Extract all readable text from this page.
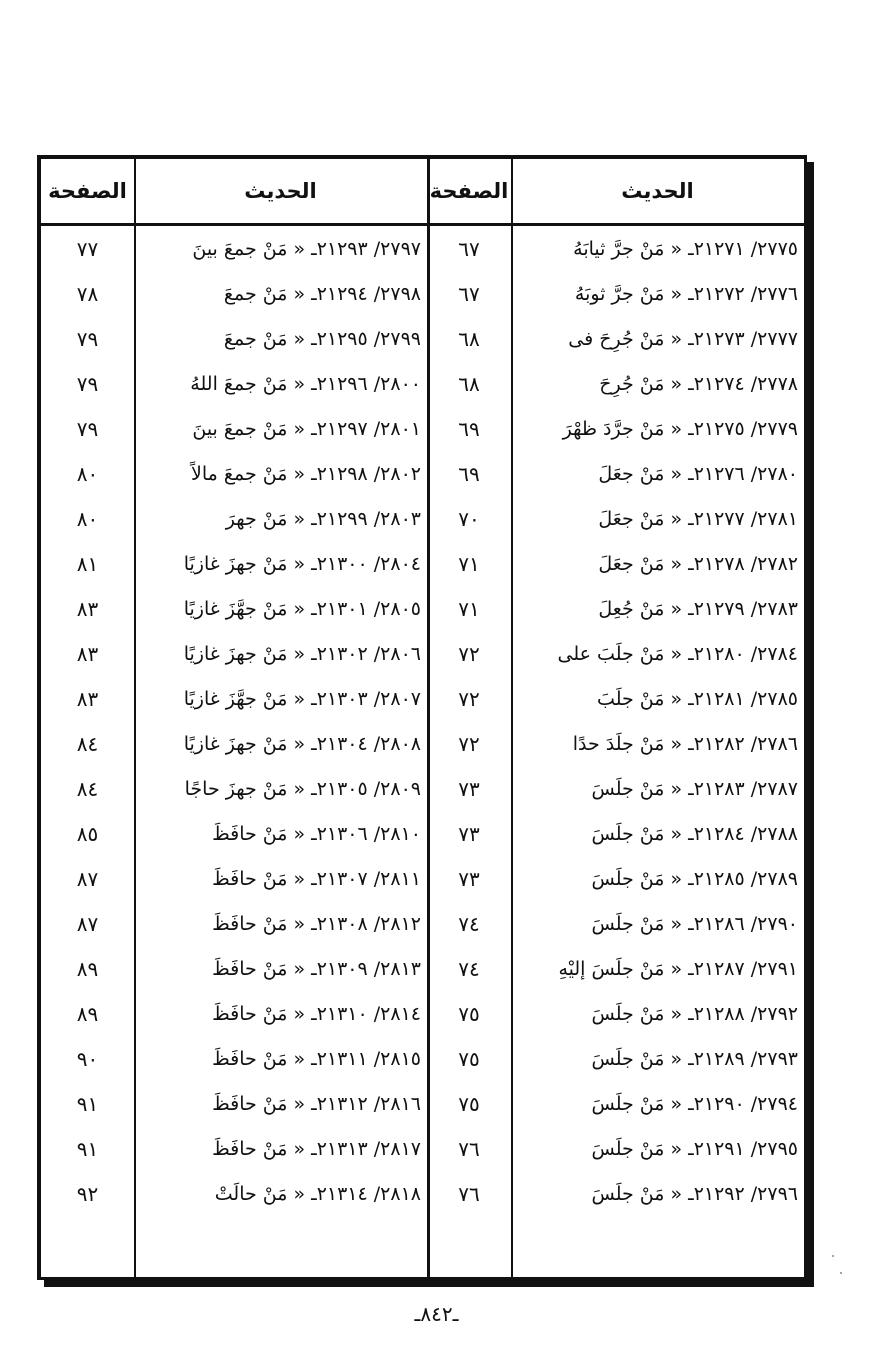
الحديث
الصفحة
الحديث
الصفحة
٢٧٧٥/ ٢١٢٧١ـ « مَنْ جرَّ ثيابَهُ
٦٧
٢٧٩٧/ ٢١٢٩٣ـ « مَنْ جمعَ بينَ
٧٧
٢٧٧٦/ ٢١٢٧٢ـ « مَنْ جرَّ ثوبَهُ
٦٧
٢٧٩٨/ ٢١٢٩٤ـ « مَنْ جمعَ
٧٨
٢٧٧٧/ ٢١٢٧٣ـ « مَنْ جُرِحَ فى
٦٨
٢٧٩٩/ ٢١٢٩٥ـ « مَنْ جمعَ
٧٩
٢٧٧٨/ ٢١٢٧٤ـ « مَنْ جُرِحَ
٦٨
٢٨٠٠/ ٢١٢٩٦ـ « مَنْ جمعَ اللهُ
٧٩
٢٧٧٩/ ٢١٢٧٥ـ « مَنْ جرَّدَ ظهْرَ
٦٩
٢٨٠١/ ٢١٢٩٧ـ « مَنْ جمعَ بينَ
٧٩
٢٧٨٠/ ٢١٢٧٦ـ « مَنْ جعَلَ
٦٩
٢٨٠٢/ ٢١٢٩٨ـ « مَنْ جمعَ مالاً
٨٠
٢٧٨١/ ٢١٢٧٧ـ « مَنْ جعَلَ
٧٠
٢٨٠٣/ ٢١٢٩٩ـ « مَنْ جهرَ
٨٠
٢٧٨٢/ ٢١٢٧٨ـ « مَنْ جعَلَ
٧١
٢٨٠٤/ ٢١٣٠٠ـ « مَنْ جهزَ غازيًا
٨١
٢٧٨٣/ ٢١٢٧٩ـ « مَنْ جُعِلَ
٧١
٢٨٠٥/ ٢١٣٠١ـ « مَنْ جهَّزَ غازيًا
٨٣
٢٧٨٤/ ٢١٢٨٠ـ « مَنْ جلَبَ على
٧٢
٢٨٠٦/ ٢١٣٠٢ـ « مَنْ جهزَ غازيًا
٨٣
٢٧٨٥/ ٢١٢٨١ـ « مَنْ جلَبَ
٧٢
٢٨٠٧/ ٢١٣٠٣ـ « مَنْ جهَّزَ غازيًا
٨٣
٢٧٨٦/ ٢١٢٨٢ـ « مَنْ جلَدَ حدًا
٧٢
٢٨٠٨/ ٢١٣٠٤ـ « مَنْ جهزَ غازيًا
٨٤
٢٧٨٧/ ٢١٢٨٣ـ « مَنْ جلَسَ
٧٣
٢٨٠٩/ ٢١٣٠٥ـ « مَنْ جهزَ حاجًا
٨٤
٢٧٨٨/ ٢١٢٨٤ـ « مَنْ جلَسَ
٧٣
٢٨١٠/ ٢١٣٠٦ـ « مَنْ حافَظَ
٨٥
٢٧٨٩/ ٢١٢٨٥ـ « مَنْ جلَسَ
٧٣
٢٨١١/ ٢١٣٠٧ـ « مَنْ حافَظَ
٨٧
٢٧٩٠/ ٢١٢٨٦ـ « مَنْ جلَسَ
٧٤
٢٨١٢/ ٢١٣٠٨ـ « مَنْ حافَظَ
٨٧
٢٧٩١/ ٢١٢٨٧ـ « مَنْ جلَسَ إليْهِ
٧٤
٢٨١٣/ ٢١٣٠٩ـ « مَنْ حافَظَ
٨٩
٢٧٩٢/ ٢١٢٨٨ـ « مَنْ جلَسَ
٧٥
٢٨١٤/ ٢١٣١٠ـ « مَنْ حافَظَ
٨٩
٢٧٩٣/ ٢١٢٨٩ـ « مَنْ جلَسَ
٧٥
٢٨١٥/ ٢١٣١١ـ « مَنْ حافَظَ
٩٠
٢٧٩٤/ ٢١٢٩٠ـ « مَنْ جلَسَ
٧٥
٢٨١٦/ ٢١٣١٢ـ « مَنْ حافَظَ
٩١
٢٧٩٥/ ٢١٢٩١ـ « مَنْ جلَسَ
٧٦
٢٨١٧/ ٢١٣١٣ـ « مَنْ حافَظَ
٩١
٢٧٩٦/ ٢١٢٩٢ـ « مَنْ جلَسَ
٧٦
٢٨١٨/ ٢١٣١٤ـ « مَنْ حالَتْ
٩٢
ـ٨٤٢ـ
